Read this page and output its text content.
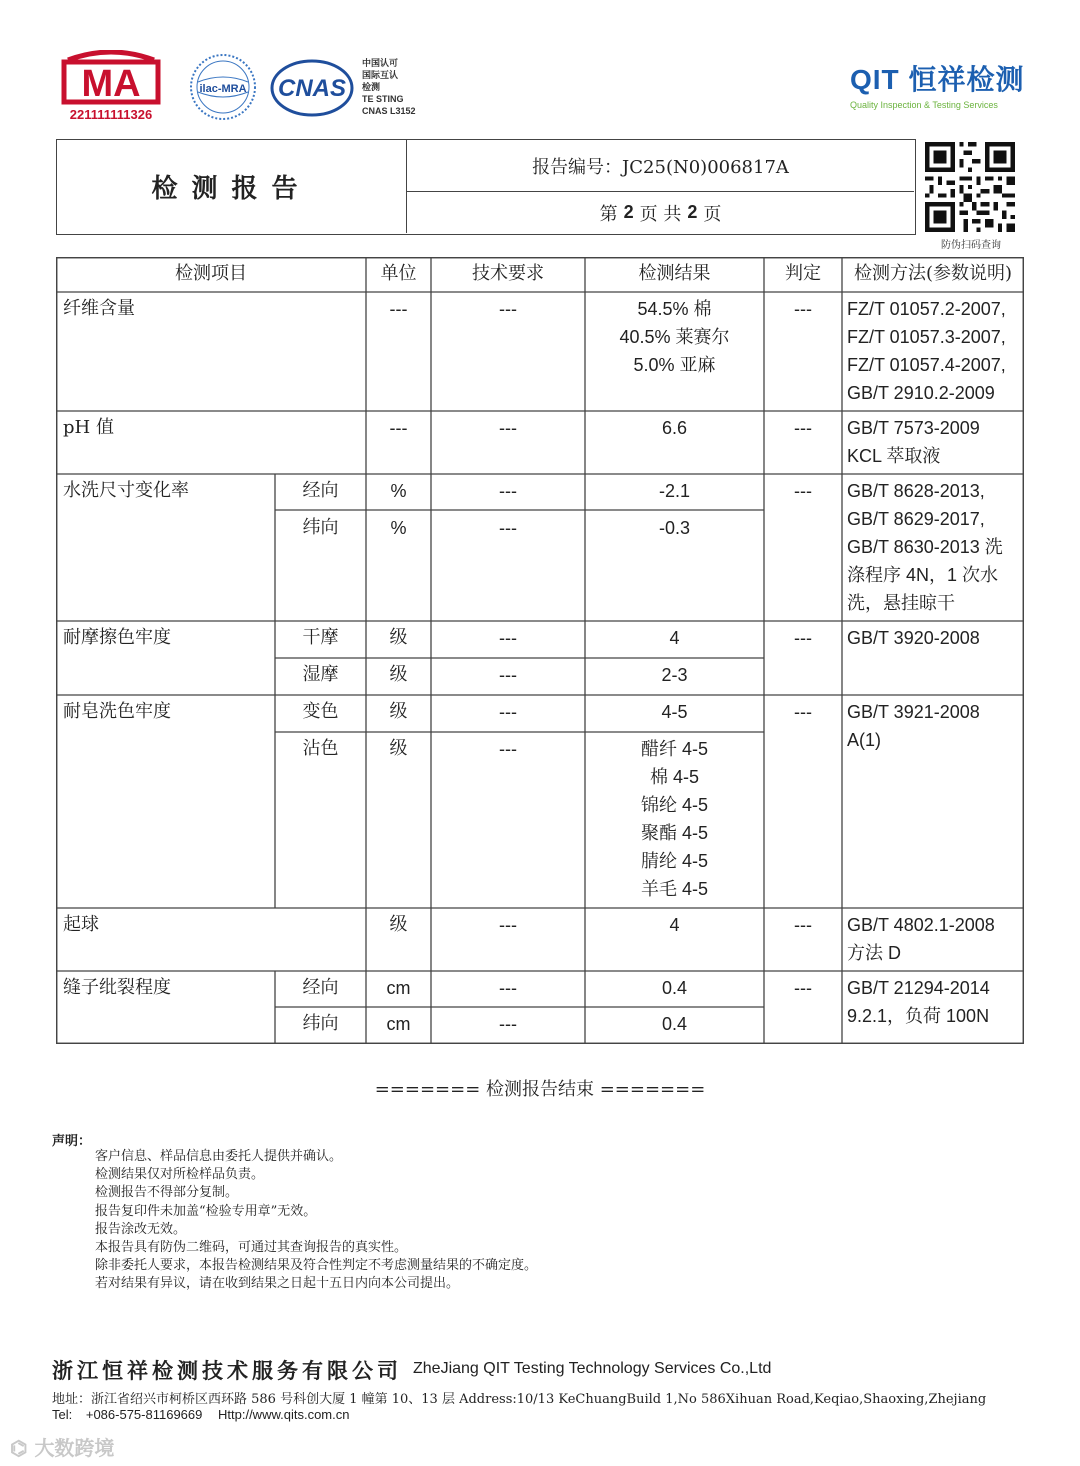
MA
221111111326
ilac-MRA CNAS
中国认可
国际互认
检测
TE STING
CNAS L3152
QIT 恒祥检测
Quality Inspection & Testing Services
检测报告
报告编号：JC25(N0)006817A
第 2 页 共 2 页
防伪扫码查询
检测项目	单位	技术要求	检测结果	判定	检测方法(参数说明)
纤维含量	---	---	54.5% 棉
40.5% 莱赛尔
5.0% 亚麻
---	FZ/T 01057.2-2007,
FZ/T 01057.3-2007,
FZ/T 01057.4-2007,
GB/T 2910.2-2009
pH 值	---	---	6.6	---	GB/T 7573-2009
KCL 萃取液
水洗尺寸变化率	经向	%	---	-2.1
纬向	%	---	-0.3
---	GB/T 8628-2013,
GB/T 8629-2017,
GB/T 8630-2013 洗
涤程序 4N，1 次水
洗，悬挂晾干
耐摩擦色牢度	干摩	级	---	4
湿摩	级	---	2-3
---	GB/T 3920-2008
耐皂洗色牢度	变色	级	---	4-5
沾色	级	---	醋纤 4-5
棉 4-5
锦纶 4-5
聚酯 4-5
腈纶 4-5
羊毛 4-5
---	GB/T 3921-2008
A(1)
起球	级	---	4	---	GB/T 4802.1-2008
方法 D
缝子纰裂程度	经向	cm	---	0.4
纬向	cm	---	0.4
---	GB/T 21294-2014
9.2.1，负荷 100N
======= 检测报告结束 =======
声明：
客户信息、样品信息由委托人提供并确认。
检测结果仅对所检样品负责。
检测报告不得部分复制。
报告复印件未加盖“检验专用章”无效。
报告涂改无效。
本报告具有防伪二维码，可通过其查询报告的真实性。
除非委托人要求，本报告检测结果及符合性判定不考虑测量结果的不确定度。
若对结果有异议，请在收到结果之日起十五日内向本公司提出。
浙江恒祥检测技术服务有限公司 ZheJiang QIT Testing Technology Services Co.,Ltd
地址：浙江省绍兴市柯桥区西环路 586 号科创大厦 1 幢第 10、13 层 Address:10/13 KeChuangBuild 1,No 586Xihuan Road,Keqiao,Shaoxing,Zhejiang
Tel: +086-575-81169669 Http://www.qits.com.cn
⌬ 大数跨境
